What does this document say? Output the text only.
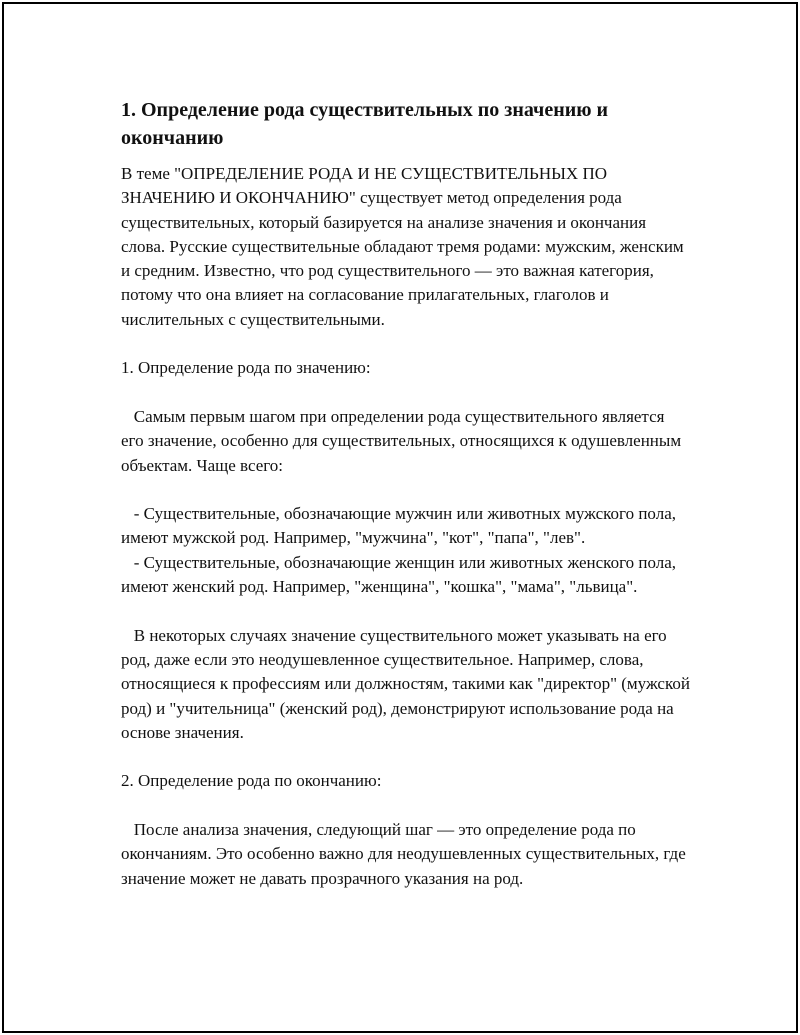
1. Определение рода существительных по значению и окончанию

В теме "ОПРЕДЕЛЕНИЕ РОДА И НЕ СУЩЕСТВИТЕЛЬНЫХ ПО ЗНАЧЕНИЮ И ОКОНЧАНИЮ" существует метод определения рода существительных, который базируется на анализе значения и окончания слова. Русские существительные обладают тремя родами: мужским, женским и средним. Известно, что род существительного — это важная категория, потому что она влияет на согласование прилагательных, глаголов и числительных с существительными.

1. Определение рода по значению:

Самым первым шагом при определении рода существительного является его значение, особенно для существительных, относящихся к одушевленным объектам. Чаще всего:

- Существительные, обозначающие мужчин или животных мужского пола, имеют мужской род. Например, "мужчина", "кот", "папа", "лев".
- Существительные, обозначающие женщин или животных женского пола, имеют женский род. Например, "женщина", "кошка", "мама", "львица".

В некоторых случаях значение существительного может указывать на его род, даже если это неодушевленное существительное. Например, слова, относящиеся к профессиям или должностям, такими как "директор" (мужской род) и "учительница" (женский род), демонстрируют использование рода на основе значения.

2. Определение рода по окончанию:

После анализа значения, следующий шаг — это определение рода по окончаниям. Это особенно важно для неодушевленных существительных, где значение может не давать прозрачного указания на род.
